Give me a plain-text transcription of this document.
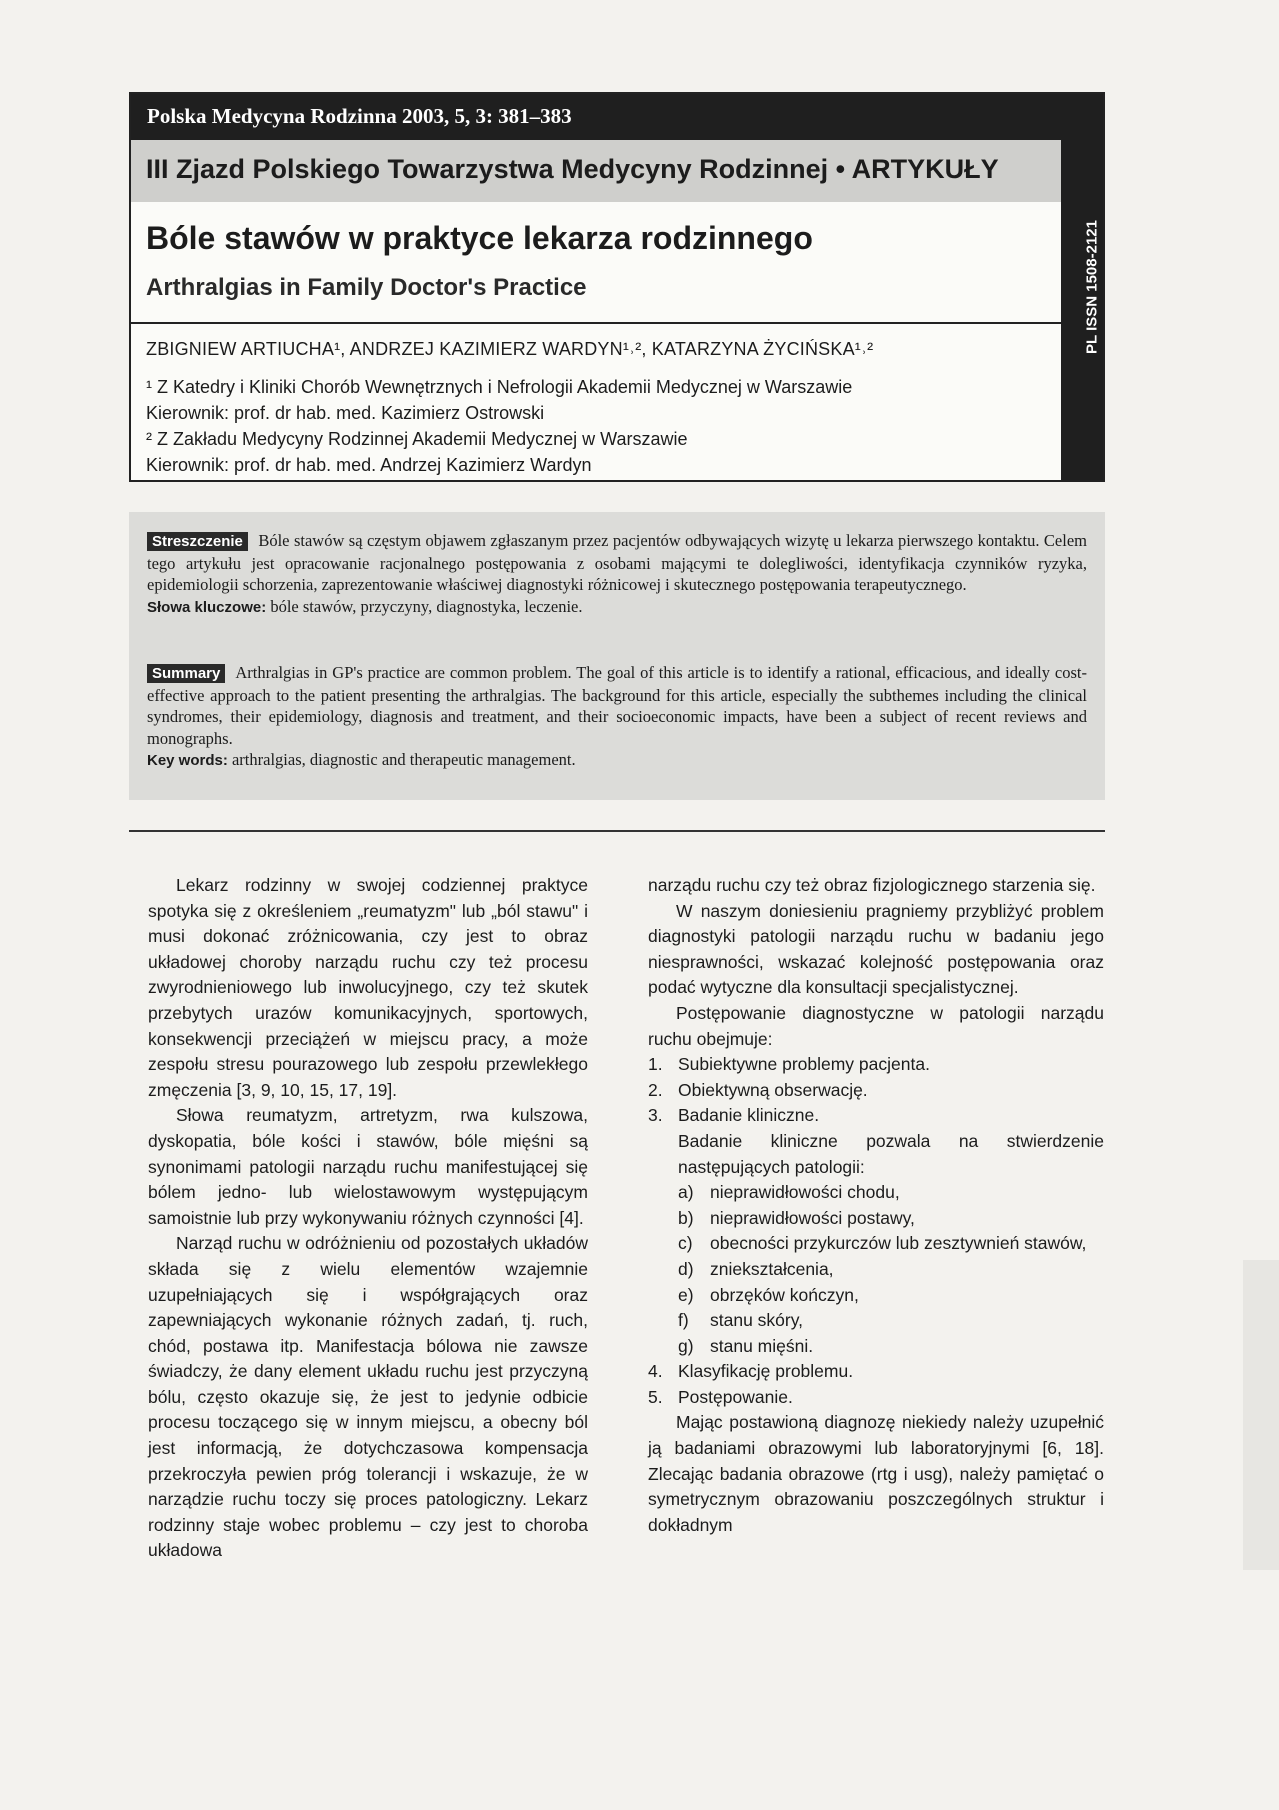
Polska Medycyna Rodzinna 2003, 5, 3: 381–383
PL ISSN 1508-2121
III Zjazd Polskiego Towarzystwa Medycyny Rodzinnej • ARTYKUŁY
Bóle stawów w praktyce lekarza rodzinnego
Arthralgias in Family Doctor's Practice
ZBIGNIEW ARTIUCHA¹, ANDRZEJ KAZIMIERZ WARDYN¹˒², KATARZYNA ŻYCIŃSKA¹˒²
¹ Z Katedry i Kliniki Chorób Wewnętrznych i Nefrologii Akademii Medycznej w Warszawie
Kierownik: prof. dr hab. med. Kazimierz Ostrowski
² Z Zakładu Medycyny Rodzinnej Akademii Medycznej w Warszawie
Kierownik: prof. dr hab. med. Andrzej Kazimierz Wardyn
Streszczenie Bóle stawów są częstym objawem zgłaszanym przez pacjentów odbywających wizytę u lekarza pierwszego kontaktu. Celem tego artykułu jest opracowanie racjonalnego postępowania z osobami mającymi te dolegliwości, identyfikacja czynników ryzyka, epidemiologii schorzenia, zaprezentowanie właściwej diagnostyki różnicowej i skutecznego postępowania terapeutycznego.
Słowa kluczowe: bóle stawów, przyczyny, diagnostyka, leczenie.
Summary Arthralgias in GP's practice are common problem. The goal of this article is to identify a rational, efficacious, and ideally cost-effective approach to the patient presenting the arthralgias. The background for this article, especially the subthemes including the clinical syndromes, their epidemiology, diagnosis and treatment, and their socioeconomic impacts, have been a subject of recent reviews and monographs.
Key words: arthralgias, diagnostic and therapeutic management.

Lekarz rodzinny w swojej codziennej praktyce spotyka się z określeniem „reumatyzm" lub „ból stawu" i musi dokonać zróżnicowania, czy jest to obraz układowej choroby narządu ruchu czy też procesu zwyrodnieniowego lub inwolucyjnego, czy też skutek przebytych urazów komunikacyjnych, sportowych, konsekwencji przeciążeń w miejscu pracy, a może zespołu stresu pourazowego lub zespołu przewlekłego zmęczenia [3, 9, 10, 15, 17, 19].

Słowa reumatyzm, artretyzm, rwa kulszowa, dyskopatia, bóle kości i stawów, bóle mięśni są synonimami patologii narządu ruchu manifestującej się bólem jedno- lub wielostawowym występującym samoistnie lub przy wykonywaniu różnych czynności [4].

Narząd ruchu w odróżnieniu od pozostałych układów składa się z wielu elementów wzajemnie uzupełniających się i współgrających oraz zapewniających wykonanie różnych zadań, tj. ruch, chód, postawa itp. Manifestacja bólowa nie zawsze świadczy, że dany element układu ruchu jest przyczyną bólu, często okazuje się, że jest to jedynie odbicie procesu toczącego się w innym miejscu, a obecny ból jest informacją, że dotychczasowa kompensacja przekroczyła pewien próg tolerancji i wskazuje, że w narządzie ruchu toczy się proces patologiczny. Lekarz rodzinny staje wobec problemu – czy jest to choroba układowa

narządu ruchu czy też obraz fizjologicznego starzenia się.

W naszym doniesieniu pragniemy przybliżyć problem diagnostyki patologii narządu ruchu w badaniu jego niesprawności, wskazać kolejność postępowania oraz podać wytyczne dla konsultacji specjalistycznej.

Postępowanie diagnostyczne w patologii narządu ruchu obejmuje:

1. Subiektywne problemy pacjenta.
2. Obiektywną obserwację.
3. Badanie kliniczne.
Badanie kliniczne pozwala na stwierdzenie następujących patologii:
a) nieprawidłowości chodu,
b) nieprawidłowości postawy,
c) obecności przykurczów lub zesztywnień stawów,
d) zniekształcenia,
e) obrzęków kończyn,
f) stanu skóry,
g) stanu mięśni.
4. Klasyfikację problemu.
5. Postępowanie.

Mając postawioną diagnozę niekiedy należy uzupełnić ją badaniami obrazowymi lub laboratoryjnymi [6, 18]. Zlecając badania obrazowe (rtg i usg), należy pamiętać o symetrycznym obrazowaniu poszczególnych struktur i dokładnym
